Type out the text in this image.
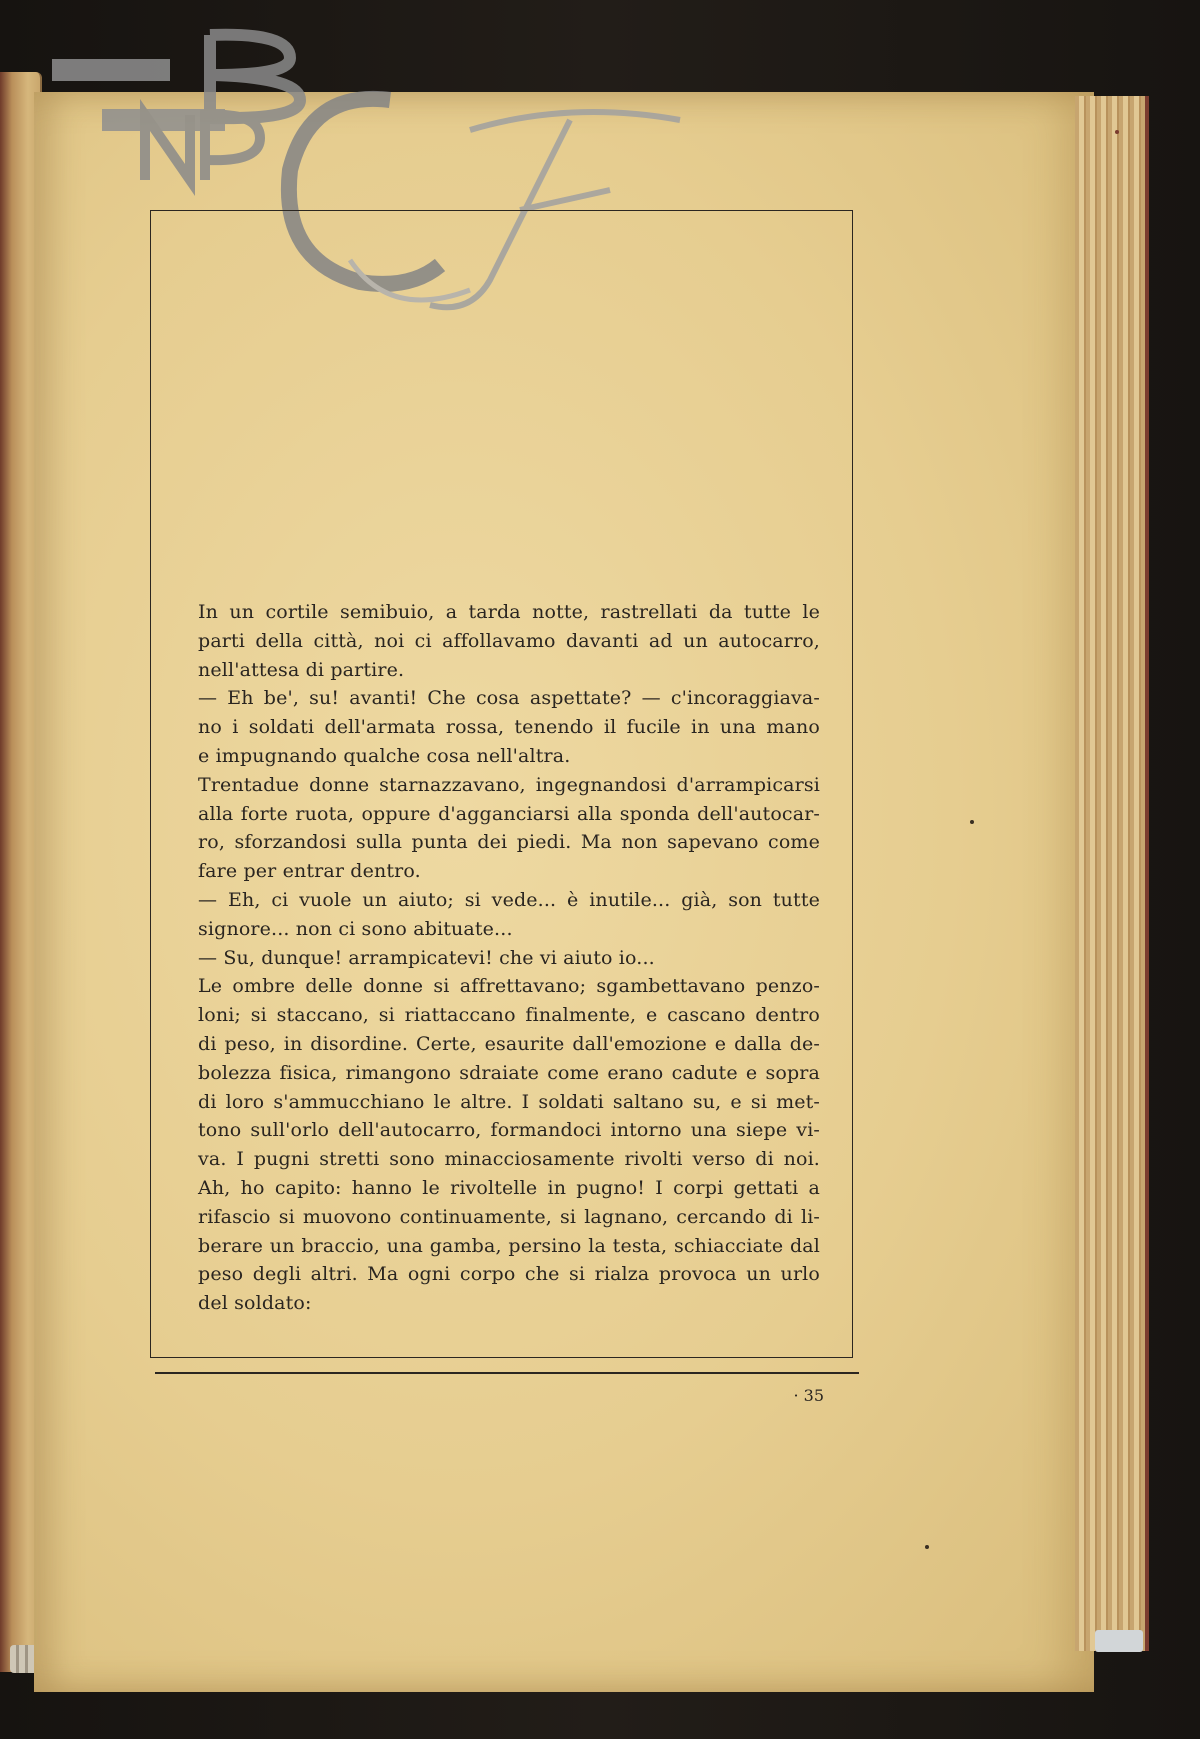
In un cortile semibuio, a tarda notte, rastrellati da tutte le
parti della città, noi ci affollavamo davanti ad un autocarro,
nell'attesa di partire.
— Eh be', su! avanti! Che cosa aspettate? — c'incoraggiava-
no i soldati dell'armata rossa, tenendo il fucile in una mano
e impugnando qualche cosa nell'altra.
Trentadue donne starnazzavano, ingegnandosi d'arrampicarsi
alla forte ruota, oppure d'agganciarsi alla sponda dell'autocar-
ro, sforzandosi sulla punta dei piedi. Ma non sapevano come
fare per entrar dentro.
— Eh, ci vuole un aiuto; si vede... è inutile... già, son tutte
signore... non ci sono abituate...
— Su, dunque! arrampicatevi! che vi aiuto io...
Le ombre delle donne si affrettavano; sgambettavano penzo-
loni; si staccano, si riattaccano finalmente, e cascano dentro
di peso, in disordine. Certe, esaurite dall'emozione e dalla de-
bolezza fisica, rimangono sdraiate come erano cadute e sopra
di loro s'ammucchiano le altre. I soldati saltano su, e si met-
tono sull'orlo dell'autocarro, formandoci intorno una siepe vi-
va. I pugni stretti sono minacciosamente rivolti verso di noi.
Ah, ho capito: hanno le rivoltelle in pugno! I corpi gettati a
rifascio si muovono continuamente, si lagnano, cercando di li-
berare un braccio, una gamba, persino la testa, schiacciate dal
peso degli altri. Ma ogni corpo che si rialza provoca un urlo
del soldato:
· 35
